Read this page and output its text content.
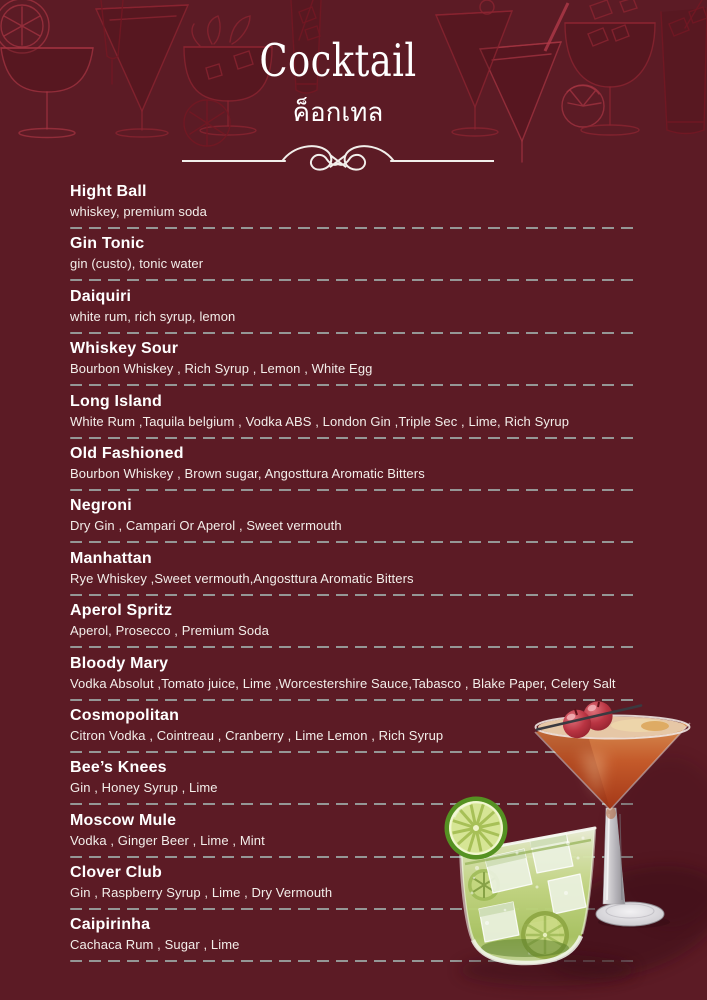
Cocktail
ค็อกเทล
Hight Ball
whiskey, premium soda
Gin Tonic
gin (custo), tonic water
Daiquiri
white rum, rich syrup, lemon
Whiskey Sour
Bourbon Whiskey , Rich Syrup , Lemon , White Egg
Long Island
White Rum ,Taquila belgium , Vodka ABS , London Gin ,Triple Sec , Lime, Rich Syrup
Old Fashioned
Bourbon Whiskey , Brown sugar, Angosttura Aromatic Bitters
Negroni
Dry Gin , Campari Or Aperol , Sweet vermouth
Manhattan
Rye Whiskey ,Sweet vermouth,Angosttura Aromatic Bitters
Aperol Spritz
Aperol, Prosecco , Premium Soda
Bloody Mary
Vodka Absolut ,Tomato juice, Lime ,Worcestershire Sauce,Tabasco , Blake Paper, Celery Salt
Cosmopolitan
Citron Vodka , Cointreau , Cranberry , Lime Lemon , Rich Syrup
Bee’s Knees
Gin , Honey Syrup , Lime
Moscow Mule
Vodka , Ginger Beer , Lime , Mint
Clover Club
Gin , Raspberry Syrup , Lime , Dry Vermouth
Caipirinha
Cachaca Rum , Sugar , Lime
